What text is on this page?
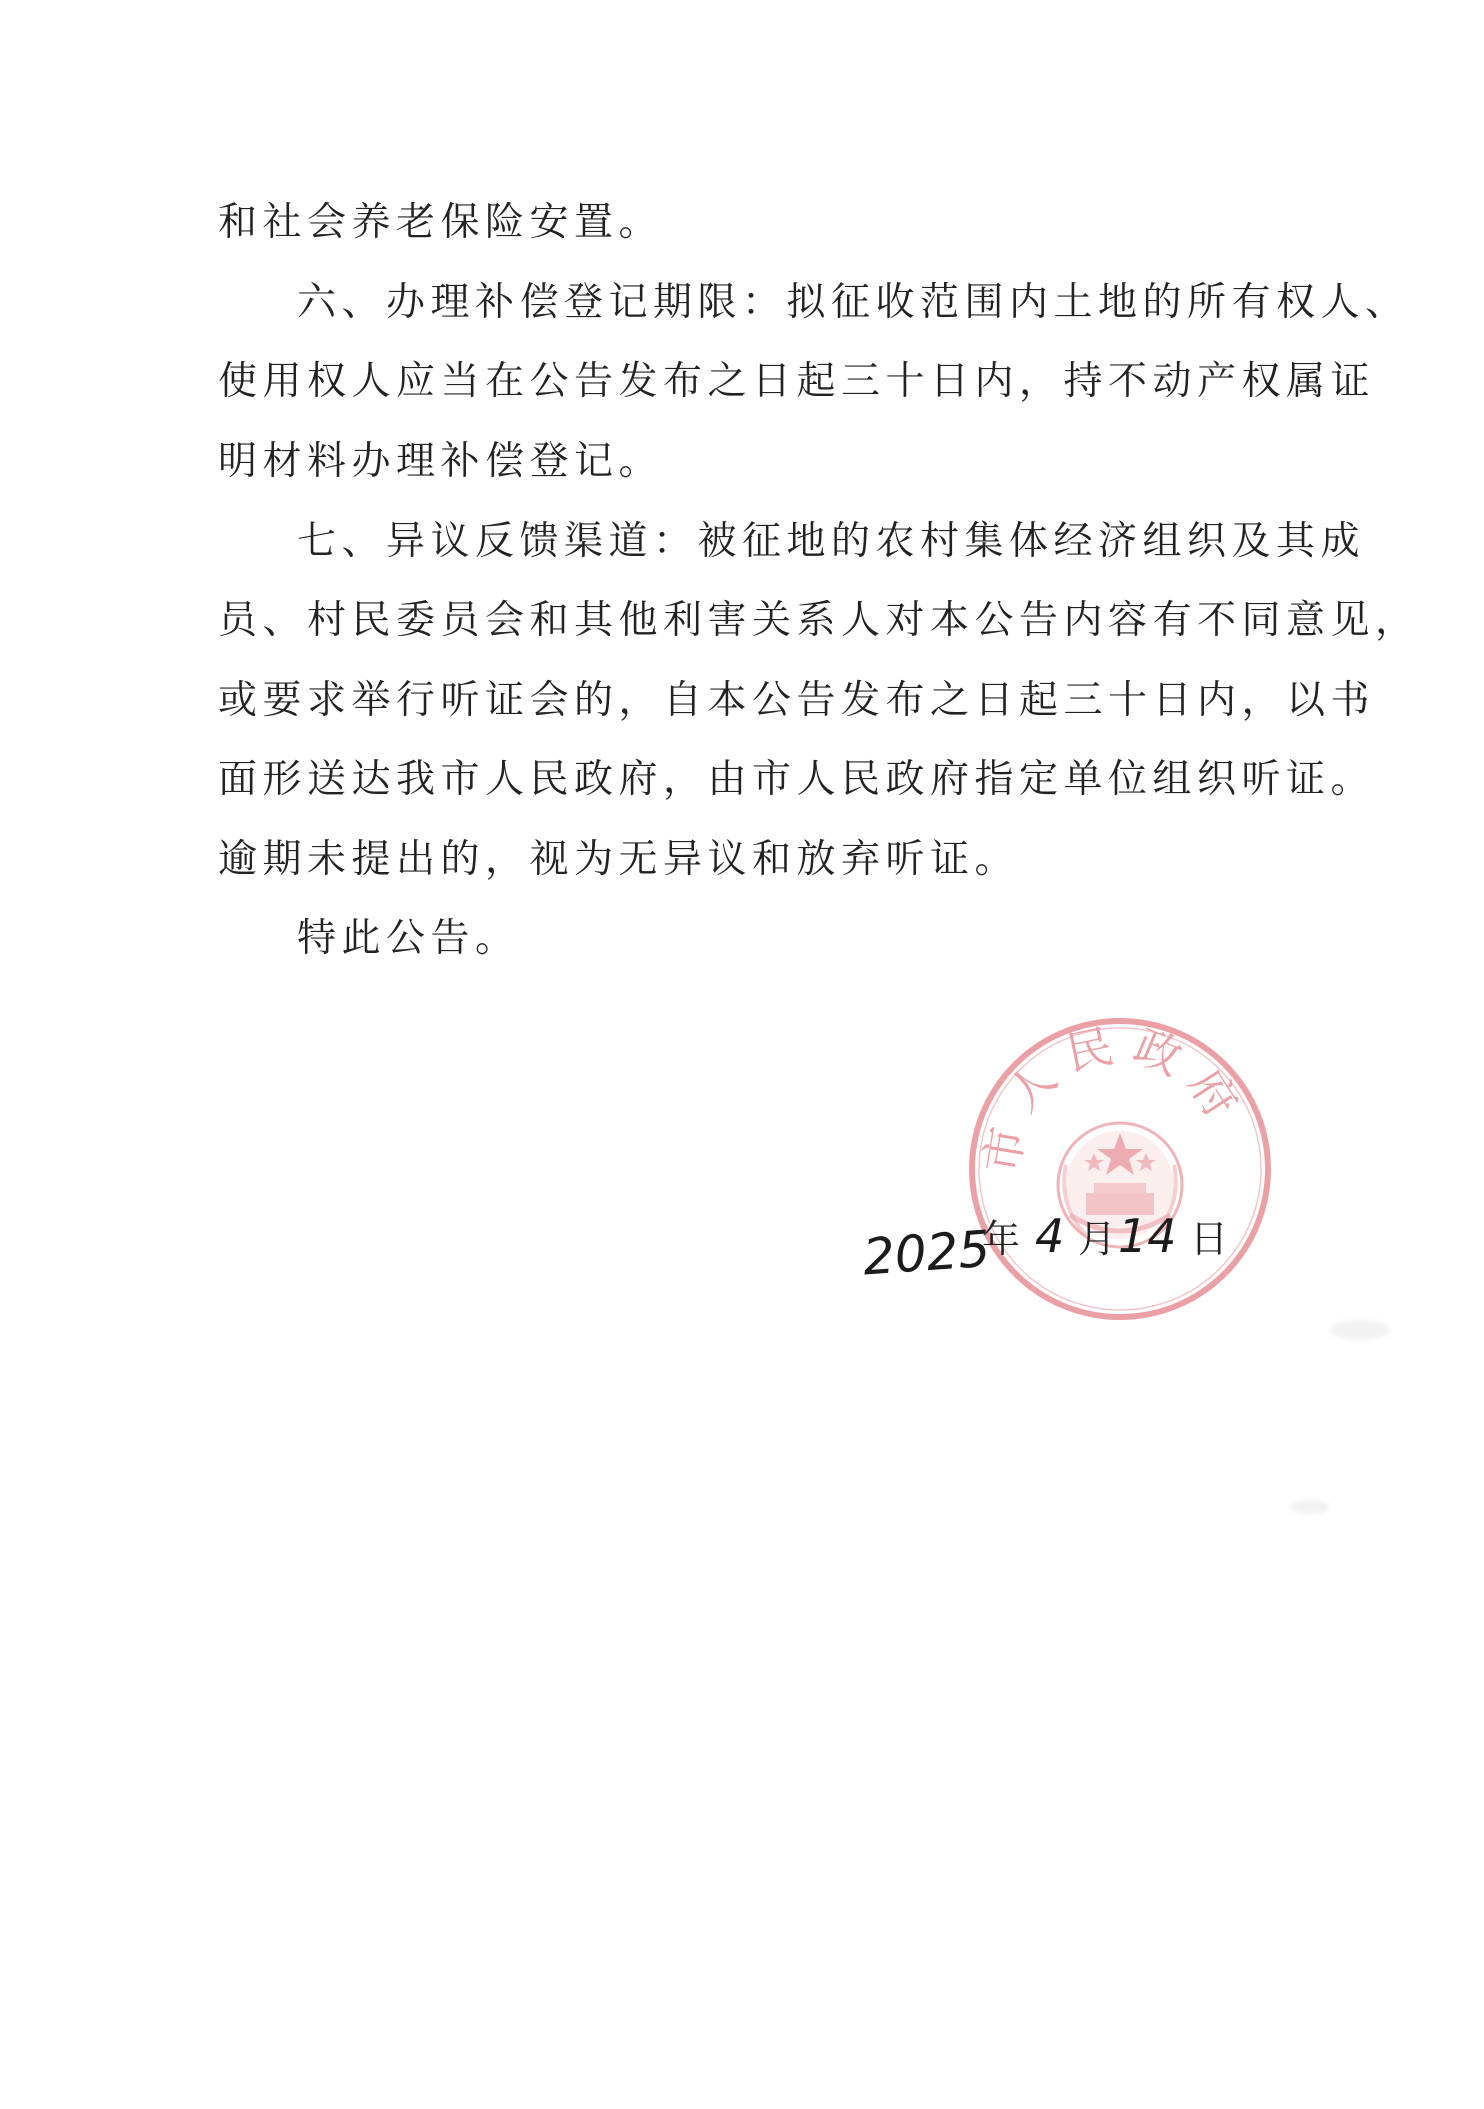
和社会养老保险安置。
六、办理补偿登记期限：拟征收范围内土地的所有权人、
使用权人应当在公告发布之日起三十日内，持不动产权属证
明材料办理补偿登记。
七、异议反馈渠道：被征地的农村集体经济组织及其成
员、村民委员会和其他利害关系人对本公告内容有不同意见，
或要求举行听证会的，自本公告发布之日起三十日内，以书
面形送达我市人民政府，由市人民政府指定单位组织听证。
逾期未提出的，视为无异议和放弃听证。
特此公告。
市人民政府
2025
年 4 月 14 日
